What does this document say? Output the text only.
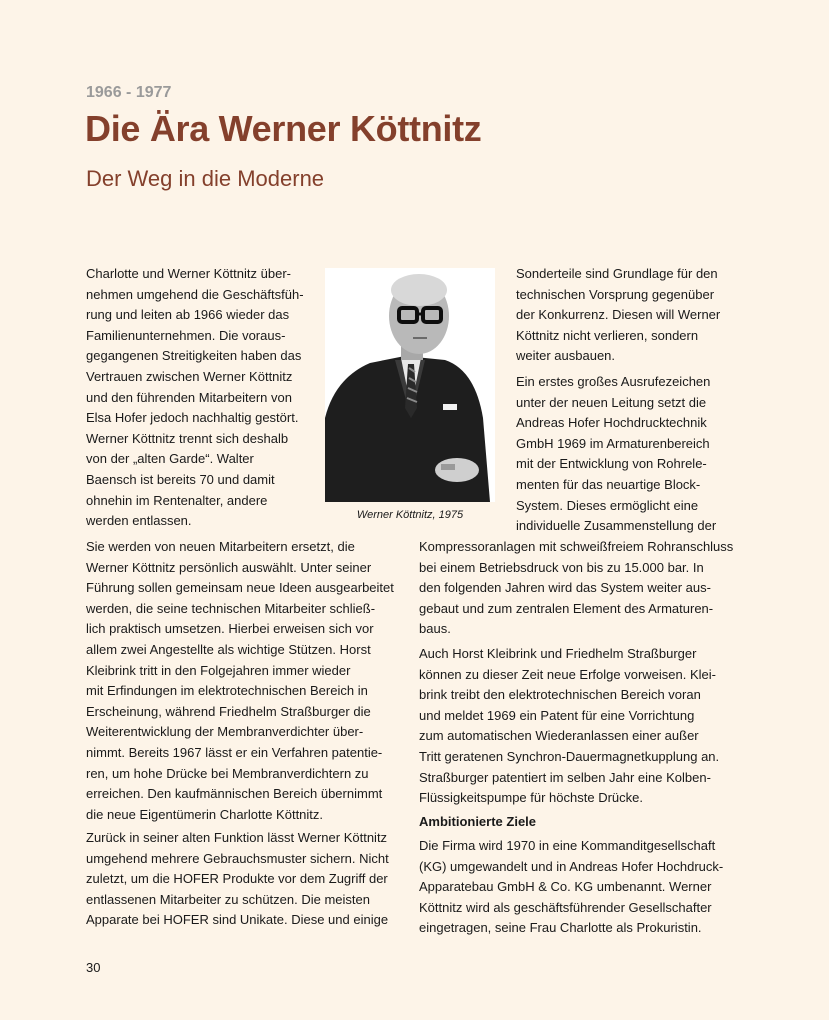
1966 - 1977
Die Ära Werner Köttnitz
Der Weg in die Moderne
Charlotte und Werner Köttnitz über-
nehmen umgehend die Geschäftsfüh-
rung und leiten ab 1966 wieder das
Familienunternehmen. Die voraus-
gegangenen Streitigkeiten haben das
Vertrauen zwischen Werner Köttnitz
und den führenden Mitarbeitern von
Elsa Hofer jedoch nachhaltig gestört.
Werner Köttnitz trennt sich deshalb
von der „alten Garde“. Walter
Baensch ist bereits 70 und damit
ohnehin im Rentenalter, andere
werden entlassen.	Werner Köttnitz, 1975
Sie werden von neuen Mitarbeitern ersetzt, die
Werner Köttnitz persönlich auswählt. Unter seiner
Führung sollen gemeinsam neue Ideen ausgearbeitet
werden, die seine technischen Mitarbeiter schließ-
lich praktisch umsetzen. Hierbei erweisen sich vor
allem zwei Angestellte als wichtige Stützen. Horst
Kleibrink tritt in den Folgejahren immer wieder
mit Erfindungen im elektrotechnischen Bereich in
Erscheinung, während Friedhelm Straßburger die
Weiterentwicklung der Membranverdichter über-
nimmt. Bereits 1967 lässt er ein Verfahren patentie-
ren, um hohe Drücke bei Membranverdichtern zu
erreichen. Den kaufmännischen Bereich übernimmt
die neue Eigentümerin Charlotte Köttnitz.
Zurück in seiner alten Funktion lässt Werner Köttnitz
umgehend mehrere Gebrauchsmuster sichern. Nicht
zuletzt, um die HOFER Produkte vor dem Zugriff der
entlassenen Mitarbeiter zu schützen. Die meisten
Apparate bei HOFER sind Unikate. Diese und einige
Sonderteile sind Grundlage für den
technischen Vorsprung gegenüber
der Konkurrenz. Diesen will Werner
Köttnitz nicht verlieren, sondern
weiter ausbauen.
Ein erstes großes Ausrufezeichen
unter der neuen Leitung setzt die
Andreas Hofer Hochdrucktechnik
GmbH 1969 im Armaturenbereich
mit der Entwicklung von Rohrele-
menten für das neuartige Block-
System. Dieses ermöglicht eine
individuelle Zusammenstellung der
Kompressoranlagen mit schweißfreiem Rohranschluss
bei einem Betriebsdruck von bis zu 15.000 bar. In
den folgenden Jahren wird das System weiter aus-
gebaut und zum zentralen Element des Armaturen-
baus.
Auch Horst Kleibrink und Friedhelm Straßburger
können zu dieser Zeit neue Erfolge vorweisen. Klei-
brink treibt den elektrotechnischen Bereich voran
und meldet 1969 ein Patent für eine Vorrichtung
zum automatischen Wiederanlassen einer außer
Tritt geratenen Synchron-Dauermagnetkupplung an.
Straßburger patentiert im selben Jahr eine Kolben-
Flüssigkeitspumpe für höchste Drücke.
Ambitionierte Ziele
Die Firma wird 1970 in eine Kommanditgesellschaft
(KG) umgewandelt und in Andreas Hofer Hochdruck-
Apparatebau GmbH & Co. KG umbenannt. Werner
Köttnitz wird als geschäftsführender Gesellschafter
eingetragen, seine Frau Charlotte als Prokuristin.
30
